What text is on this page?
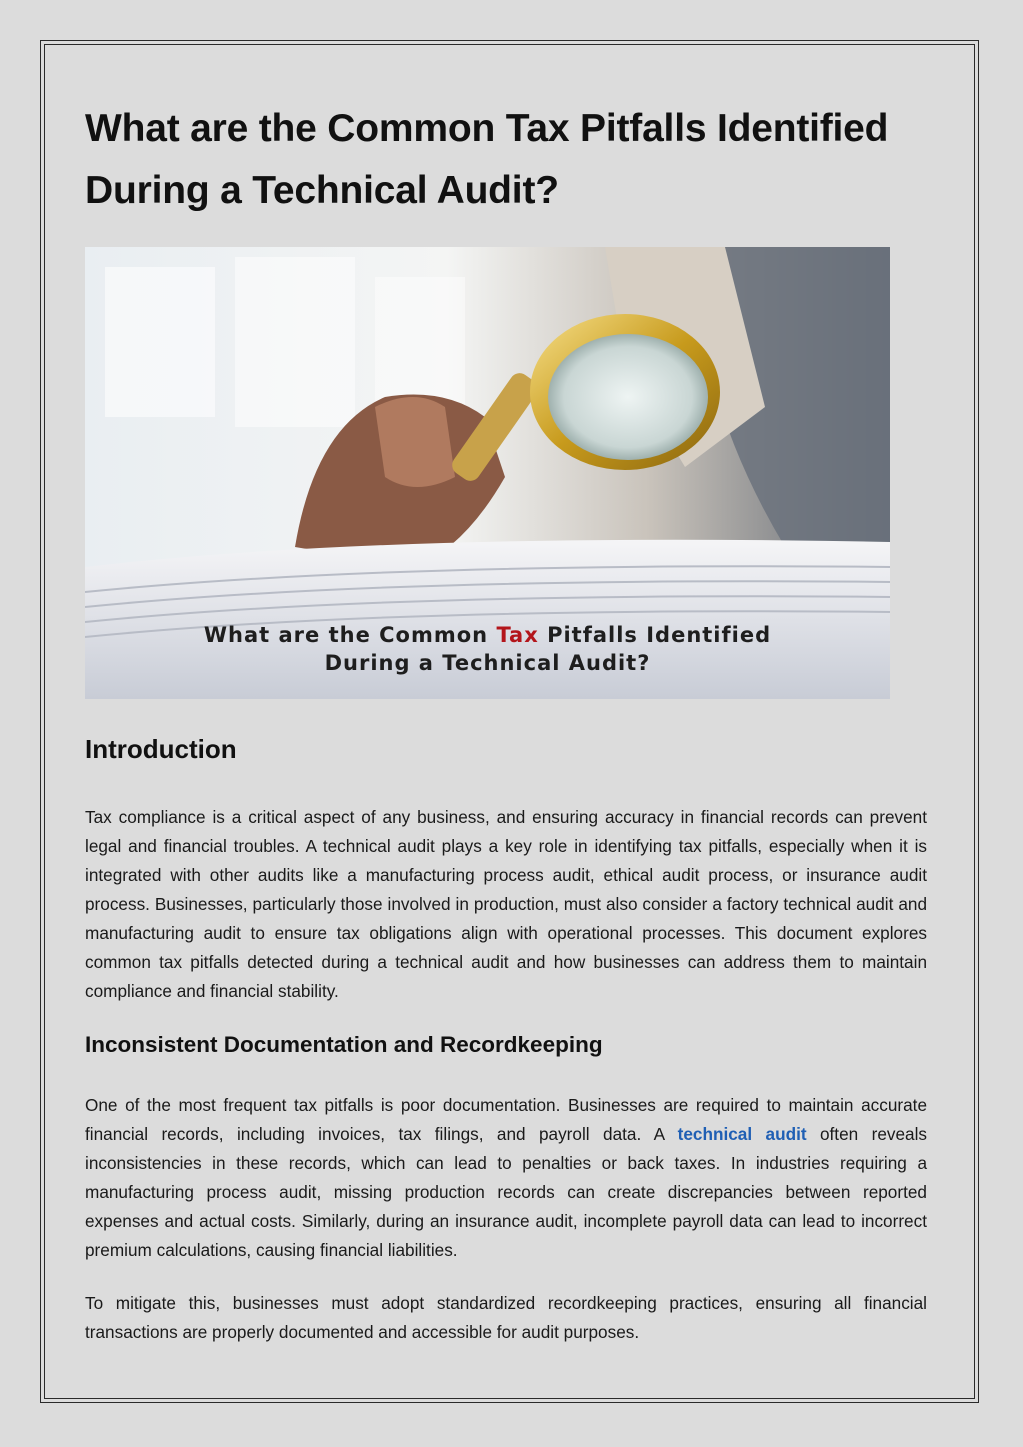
What are the Common Tax Pitfalls Identified
During a Technical Audit?
What are the Common Tax Pitfalls Identified
During a Technical Audit?
Introduction

Tax compliance is a critical aspect of any business, and ensuring accuracy in financial records can prevent legal and financial troubles. A technical audit plays a key role in identifying tax pitfalls, especially when it is integrated with other audits like a manufacturing process audit, ethical audit process, or insurance audit process. Businesses, particularly those involved in production, must also consider a factory technical audit and manufacturing audit to ensure tax obligations align with operational processes. This document explores common tax pitfalls detected during a technical audit and how businesses can address them to maintain compliance and financial stability.

Inconsistent Documentation and Recordkeeping

One of the most frequent tax pitfalls is poor documentation. Businesses are required to maintain accurate financial records, including invoices, tax filings, and payroll data. A technical audit often reveals inconsistencies in these records, which can lead to penalties or back taxes. In industries requiring a manufacturing process audit, missing production records can create discrepancies between reported expenses and actual costs. Similarly, during an insurance audit, incomplete payroll data can lead to incorrect premium calculations, causing financial liabilities.

To mitigate this, businesses must adopt standardized recordkeeping practices, ensuring all financial transactions are properly documented and accessible for audit purposes.
